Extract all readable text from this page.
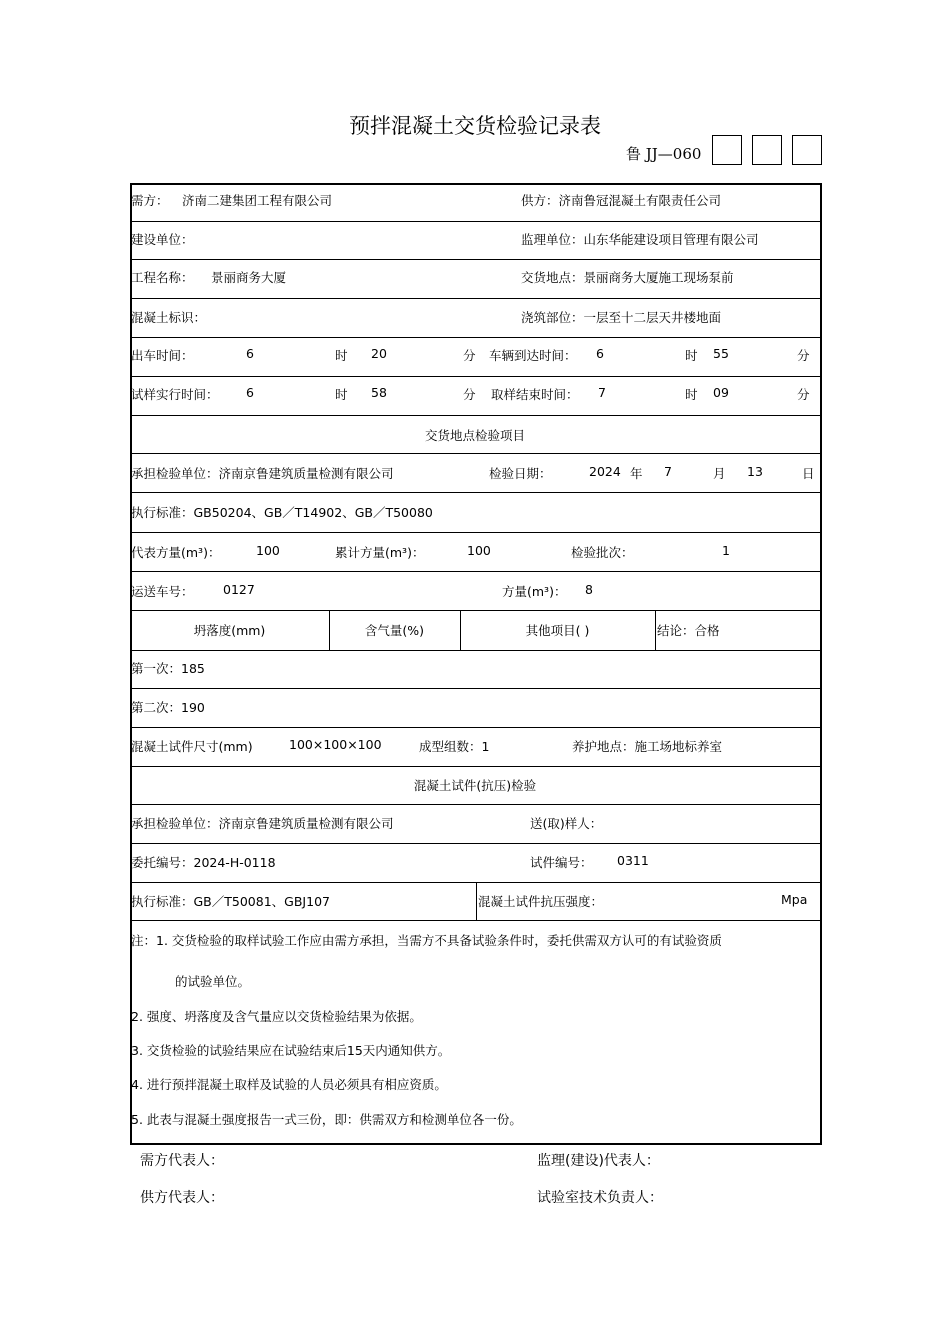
预拌混凝土交货检验记录表
鲁 JJ—060
需方： 济南二建集团工程有限公司	供方：济南鲁冠混凝土有限责任公司
建设单位：	监理单位：山东华能建设项目管理有限公司
工程名称： 景丽商务大厦	交货地点：景丽商务大厦施工现场泵前
混凝土标识：	浇筑部位：一层至十二层天井楼地面
出车时间：	6	时 20	分 车辆到达时间： 6	时 55	分
试样实行时间： 6	时 58	分 取样结束时间： 7	时 09	分
交货地点检验项目
承担检验单位：济南京鲁建筑质量检测有限公司	检验日期：	2024 年 7	月 13	日
执行标准：GB50204、GB／T14902、GB／T50080
代表方量(m³)：	100	累计方量(m³)：	100	检验批次：	1
运送车号： 0127	方量(m³)： 8
坍落度(mm)	含气量(%)	其他项目( )	结论：合格
第一次：185
第二次：190
混凝土试件尺寸(mm)	100×100×100	成型组数：1	养护地点：施工场地标养室
混凝土试件(抗压)检验
承担检验单位：济南京鲁建筑质量检测有限公司	送(取)样人：
委托编号：2024-H-0118	试件编号： 0311
执行标准：GB／T50081、GBJ107	混凝土试件抗压强度：	Mpa
注：1. 交货检验的取样试验工作应由需方承担，当需方不具备试验条件时，委托供需双方认可的有试验资质
的试验单位。
2. 强度、坍落度及含气量应以交货检验结果为依据。
3. 交货检验的试验结果应在试验结束后15天内通知供方。
4. 进行预拌混凝土取样及试验的人员必须具有相应资质。
5. 此表与混凝土强度报告一式三份，即：供需双方和检测单位各一份。
需方代表人：	监理(建设)代表人：
供方代表人：	试验室技术负责人：
